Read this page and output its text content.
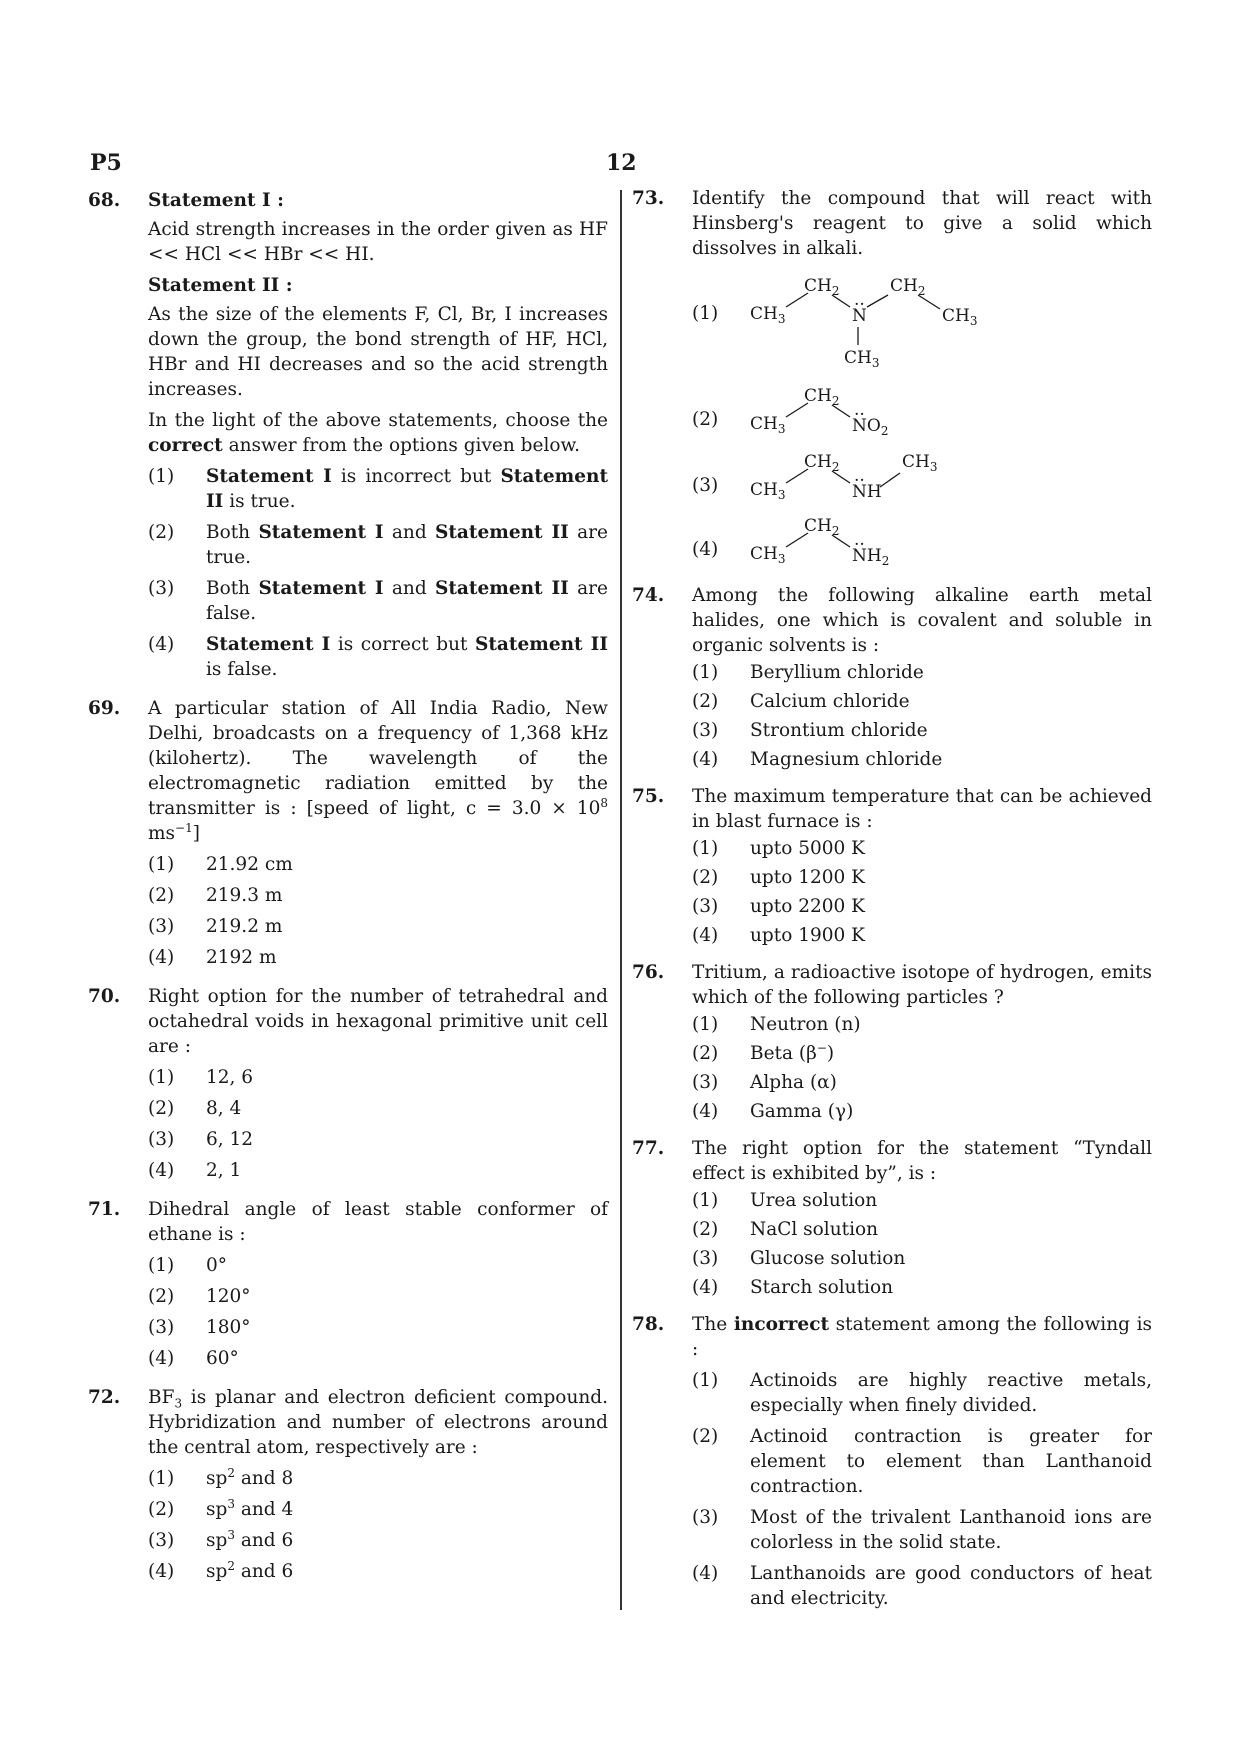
P5	12
68. Statement I :
Acid strength increases in the order given as HF << HCl << HBr << HI.
Statement II :
As the size of the elements F, Cl, Br, I increases down the group, the bond strength of HF, HCl, HBr and HI decreases and so the acid strength increases.
In the light of the above statements, choose the correct answer from the options given below.
(1) Statement I is incorrect but Statement II is true.
(2) Both Statement I and Statement II are true.
(3) Both Statement I and Statement II are false.
(4) Statement I is correct but Statement II is false.
69. A particular station of All India Radio, New Delhi, broadcasts on a frequency of 1,368 kHz (kilohertz). The wavelength of the electromagnetic radiation emitted by the transmitter is : [speed of light, $c = 3.0 \times 10^8$ $ms^{-1}$]
(1) 21.92 cm
(2) 219.3 m
(3) 219.2 m
(4) 2192 m
70. Right option for the number of tetrahedral and octahedral voids in hexagonal primitive unit cell are :
(1) 12, 6
(2) 8, 4
(3) 6, 12
(4) 2, 1
71. Dihedral angle of least stable conformer of ethane is :
(1) 0°
(2) 120°
(3) 180°
(4) 60°
72. $BF_3$ is planar and electron deficient compound. Hybridization and number of electrons around the central atom, respectively are :
(1) $sp^2$ and 8
(2) $sp^3$ and 4
(3) $sp^3$ and 6
(4) $sp^2$ and 6
73. Identify the compound that will react with Hinsberg's reagent to give a solid which dissolves in alkali.
(1) $CH_3$
$CH_2$
N
..
$CH_2$
$CH_3$
$CH_3$
(2) $CH_3$
$CH_2$
$NO_2$
..
(3) $CH_3$
$CH_2$
NH
..
$CH_3$
(4) $CH_3$
$CH_2$
$NH_2$
..
74. Among the following alkaline earth metal halides, one which is covalent and soluble in organic solvents is :
(1) Beryllium chloride
(2) Calcium chloride
(3) Strontium chloride
(4) Magnesium chloride
75. The maximum temperature that can be achieved in blast furnace is :
(1) upto 5000 K
(2) upto 1200 K
(3) upto 2200 K
(4) upto 1900 K
76. Tritium, a radioactive isotope of hydrogen, emits which of the following particles ?
(1) Neutron (n)
(2) Beta (β−)
(3) Alpha (α)
(4) Gamma (γ)
77. The right option for the statement “Tyndall effect is exhibited by”, is :
(1) Urea solution
(2) NaCl solution
(3) Glucose solution
(4) Starch solution
78. The incorrect statement among the following is :
(1) Actinoids are highly reactive metals, especially when finely divided.
(2) Actinoid contraction is greater for element to element than Lanthanoid contraction.
(3) Most of the trivalent Lanthanoid ions are colorless in the solid state.
(4) Lanthanoids are good conductors of heat and electricity.
